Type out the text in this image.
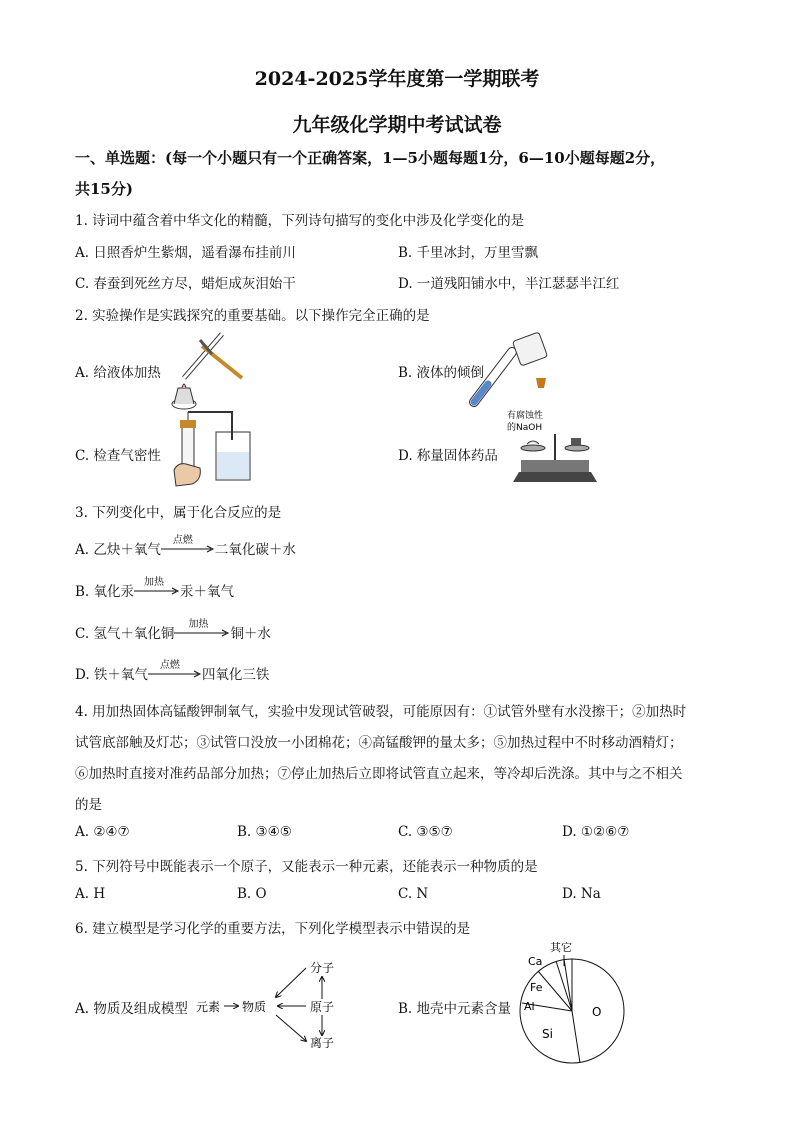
2024-2025学年度第一学期联考
九年级化学期中考试试卷
一、单选题：(每一个小题只有一个正确答案，1—5小题每题1分，6—10小题每题2分，
共15分)
1. 诗词中蕴含着中华文化的精髓，下列诗句描写的变化中涉及化学变化的是
A. 日照香炉生紫烟，遥看瀑布挂前川	B. 千里冰封，万里雪飘
C. 春蚕到死丝方尽，蜡炬成灰泪始干	D. 一道残阳铺水中，半江瑟瑟半江红
2. 实验操作是实践探究的重要基础。以下操作完全正确的是
A. 给液体加热	B. 液体的倾倒
C. 检查气密性	D. 称量固体药品
有腐蚀性
的NaOH
3. 下列变化中，属于化合反应的是
A. 乙炔＋氧气
点燃
二氧化碳＋水
B. 氧化汞
加热
汞＋氧气
C. 氢气＋氧化铜
加热
铜＋水
D. 铁＋氧气
点燃
四氧化三铁
4. 用加热固体高锰酸钾制氧气，实验中发现试管破裂，可能原因有：①试管外壁有水没擦干；②加热时
试管底部触及灯芯；③试管口没放一小团棉花；④高锰酸钾的量太多；⑤加热过程中不时移动酒精灯；
⑥加热时直接对准药品部分加热；⑦停止加热后立即将试管直立起来，等冷却后洗涤。其中与之不相关
的是
A. ②④⑦	B. ③④⑤	C. ③⑤⑦	D. ①②⑥⑦
5. 下列符号中既能表示一个原子，又能表示一种元素，还能表示一种物质的是
A. H	B. O	C. N	D. Na
6. 建立模型是学习化学的重要方法，下列化学模型表示中错误的是
A. 物质及组成模型	B. 地壳中元素含量
元素 物质
分子
原子
离子
其它
Ca
Fe
Al
Si
O
